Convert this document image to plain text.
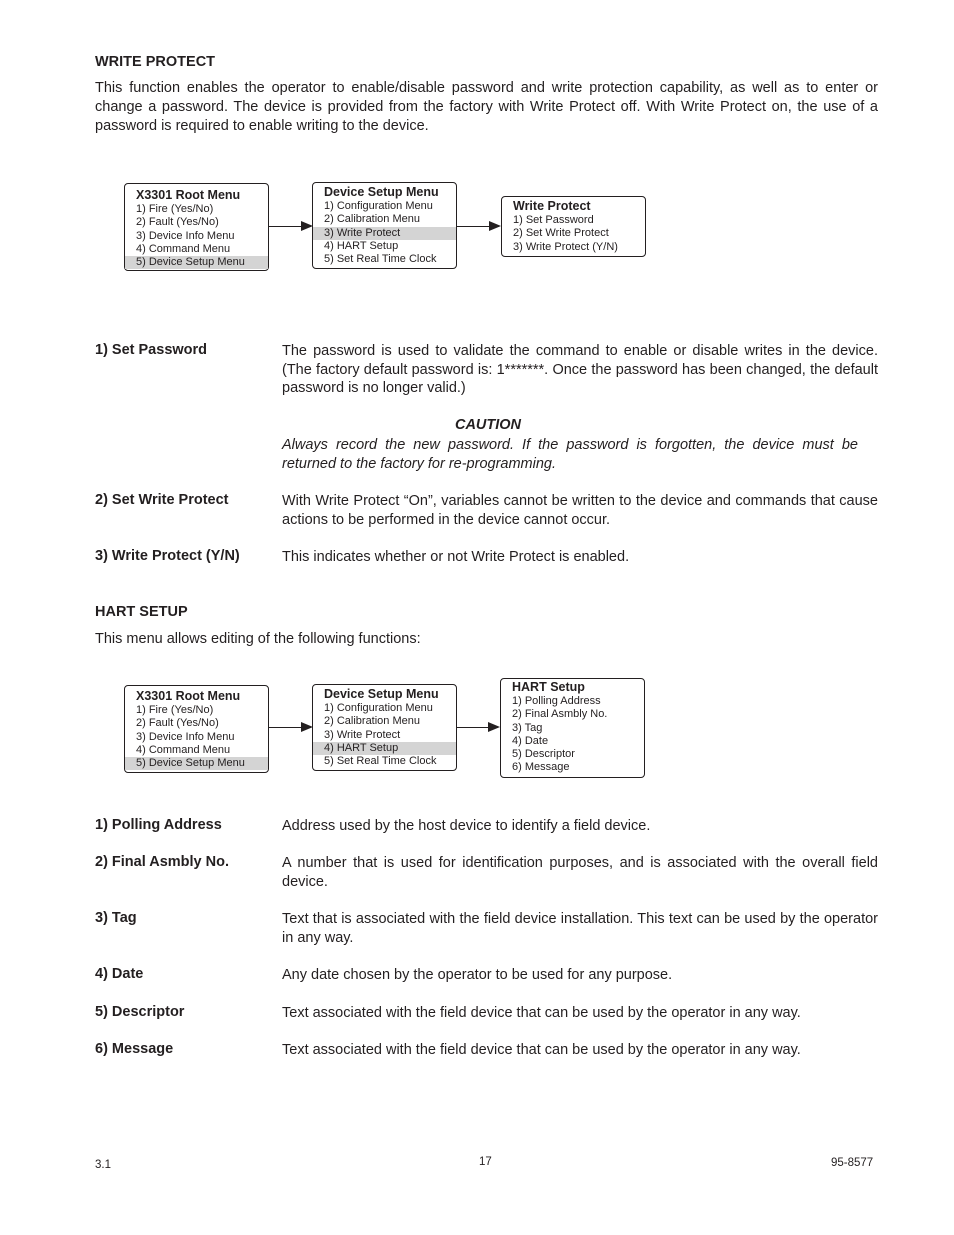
WRITE PROTECT
This function enables the operator to enable/disable password and write protection capability, as well as to enter or change a password. The device is provided from the factory with Write Protect off. With Write Protect on, the use of a password is required to enable writing to the device.
X3301 Root Menu
1) Fire (Yes/No)
2) Fault (Yes/No)
3) Device Info Menu
4) Command Menu
5) Device Setup Menu
Device Setup Menu
1) Configuration Menu
2) Calibration Menu
3) Write Protect
4) HART Setup
5) Set Real Time Clock
Write Protect
1) Set Password
2) Set Write Protect
3) Write Protect (Y/N)
1) Set Password	The password is used to validate the command to enable or disable writes in the device. (The factory default password is: 1*******. Once the password has been changed, the default password is no longer valid.)
CAUTION
Always record the new password. If the password is forgotten, the device must be returned to the factory for re-programming.
2) Set Write Protect	With Write Protect “On”, variables cannot be written to the device and commands that cause actions to be performed in the device cannot occur.
3) Write Protect (Y/N)	This indicates whether or not Write Protect is enabled.
HART SETUP
This menu allows editing of the following functions:
X3301 Root Menu
1) Fire (Yes/No)
2) Fault (Yes/No)
3) Device Info Menu
4) Command Menu
5) Device Setup Menu
Device Setup Menu
1) Configuration Menu
2) Calibration Menu
3) Write Protect
4) HART Setup
5) Set Real Time Clock
HART Setup
1) Polling Address
2) Final Asmbly No.
3) Tag
4) Date
5) Descriptor
6) Message
1) Polling Address	Address used by the host device to identify a field device.
2) Final Asmbly No.	A number that is used for identification purposes, and is associated with the overall field device.
3) Tag	Text that is associated with the field device installation. This text can be used by the operator in any way.
4) Date	Any date chosen by the operator to be used for any purpose.
5) Descriptor	Text associated with the field device that can be used by the operator in any way.
6) Message	Text associated with the field device that can be used by the operator in any way.
3.1	17	95-8577
